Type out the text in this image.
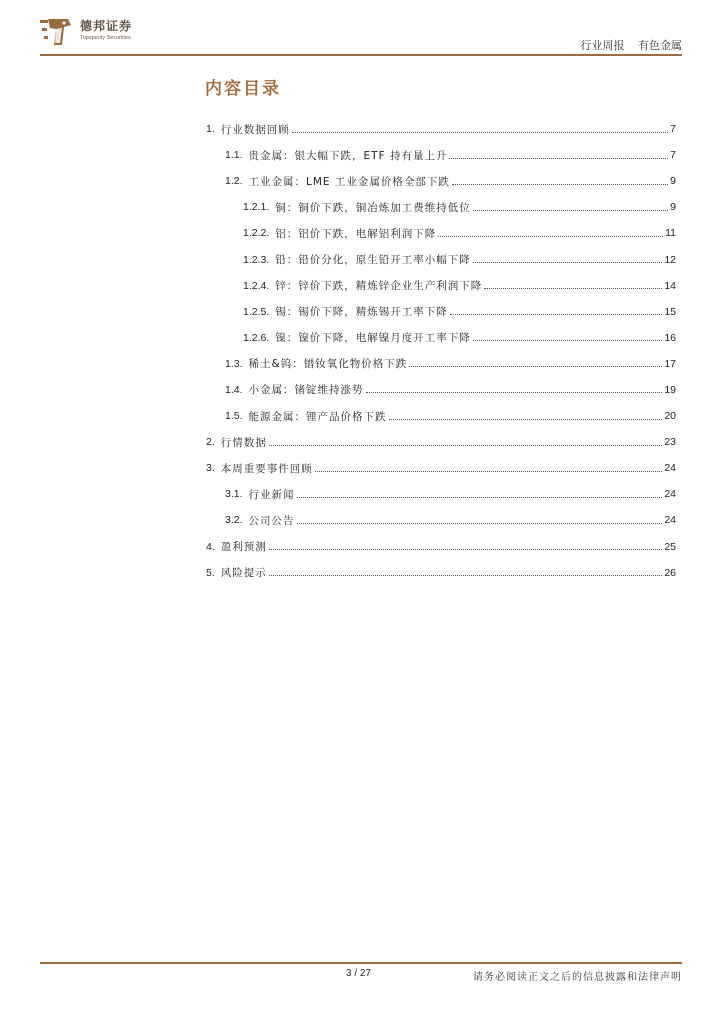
德邦证券
Topsperity Securities
行业周报 有色金属
内容目录
1. 行业数据回顾	7
1.1. 贵金属：银大幅下跌，ETF 持有量上升	7
1.2. 工业金属：LME 工业金属价格全部下跌	9
1.2.1. 铜：铜价下跌，铜冶炼加工费维持低位	9
1.2.2. 铝：铝价下跌，电解铝利润下降	11
1.2.3. 铅：铅价分化，原生铅开工率小幅下降	12
1.2.4. 锌：锌价下跌，精炼锌企业生产利润下降	14
1.2.5. 锡：锡价下降，精炼锡开工率下降	15
1.2.6. 镍：镍价下降，电解镍月度开工率下降	16
1.3. 稀土&钨：镨钕氧化物价格下跌	17
1.4. 小金属：锗锭维持涨势	19
1.5. 能源金属：锂产品价格下跌	20
2. 行情数据	23
3. 本周重要事件回顾	24
3.1. 行业新闻	24
3.2. 公司公告	24
4. 盈利预测	25
5. 风险提示	26
3 / 27	请务必阅读正文之后的信息披露和法律声明
